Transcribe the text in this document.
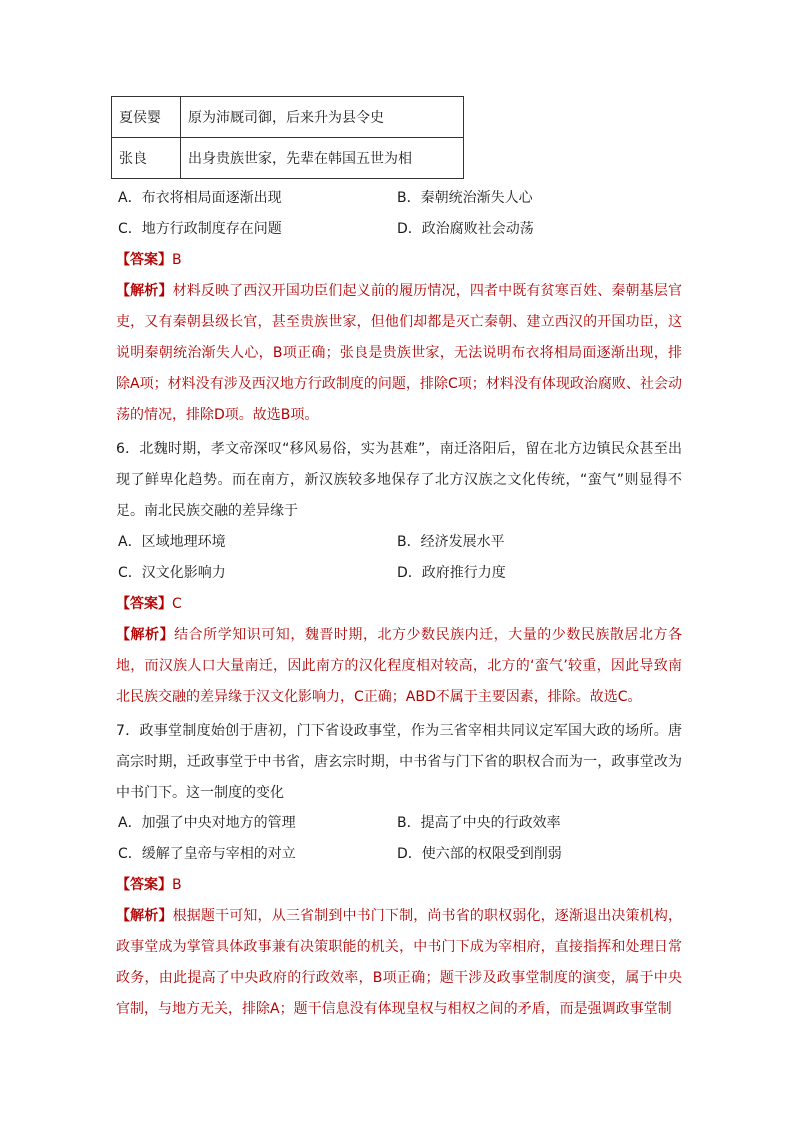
夏侯婴	原为沛厩司御，后来升为县令史
张良	出身贵族世家，先辈在韩国五世为相
A．布衣将相局面逐渐出现	B．秦朝统治渐失人心
C．地方行政制度存在问题	D．政治腐败社会动荡
【答案】B
【解析】材料反映了西汉开国功臣们起义前的履历情况，四者中既有贫寒百姓、秦朝基层官吏，又有秦朝县级长官，甚至贵族世家，但他们却都是灭亡秦朝、建立西汉的开国功臣，这说明秦朝统治渐失人心，B项正确；张良是贵族世家，无法说明布衣将相局面逐渐出现，排除A项；材料没有涉及西汉地方行政制度的问题，排除C项；材料没有体现政治腐败、社会动荡的情况，排除D项。故选B项。
6．北魏时期，孝文帝深叹“移风易俗，实为甚难”，南迁洛阳后，留在北方边镇民众甚至出现了鲜卑化趋势。而在南方，新汉族较多地保存了北方汉族之文化传统，“蛮气”则显得不足。南北民族交融的差异缘于
A．区域地理环境	B．经济发展水平
C．汉文化影响力	D．政府推行力度
【答案】C
【解析】结合所学知识可知，魏晋时期，北方少数民族内迁，大量的少数民族散居北方各地，而汉族人口大量南迁，因此南方的汉化程度相对较高，北方的‘蛮气’较重，因此导致南北民族交融的差异缘于汉文化影响力，C正确；ABD不属于主要因素，排除。故选C。
7．政事堂制度始创于唐初，门下省设政事堂，作为三省宰相共同议定军国大政的场所。唐高宗时期，迁政事堂于中书省，唐玄宗时期，中书省与门下省的职权合而为一，政事堂改为中书门下。这一制度的变化
A．加强了中央对地方的管理	B．提高了中央的行政效率
C．缓解了皇帝与宰相的对立	D．使六部的权限受到削弱
【答案】B
【解析】根据题干可知，从三省制到中书门下制，尚书省的职权弱化，逐渐退出决策机构，政事堂成为掌管具体政事兼有决策职能的机关，中书门下成为宰相府，直接指挥和处理日常政务，由此提高了中央政府的行政效率，B项正确；题干涉及政事堂制度的演变，属于中央官制，与地方无关，排除A；题干信息没有体现皇权与相权之间的矛盾，而是强调政事堂制
